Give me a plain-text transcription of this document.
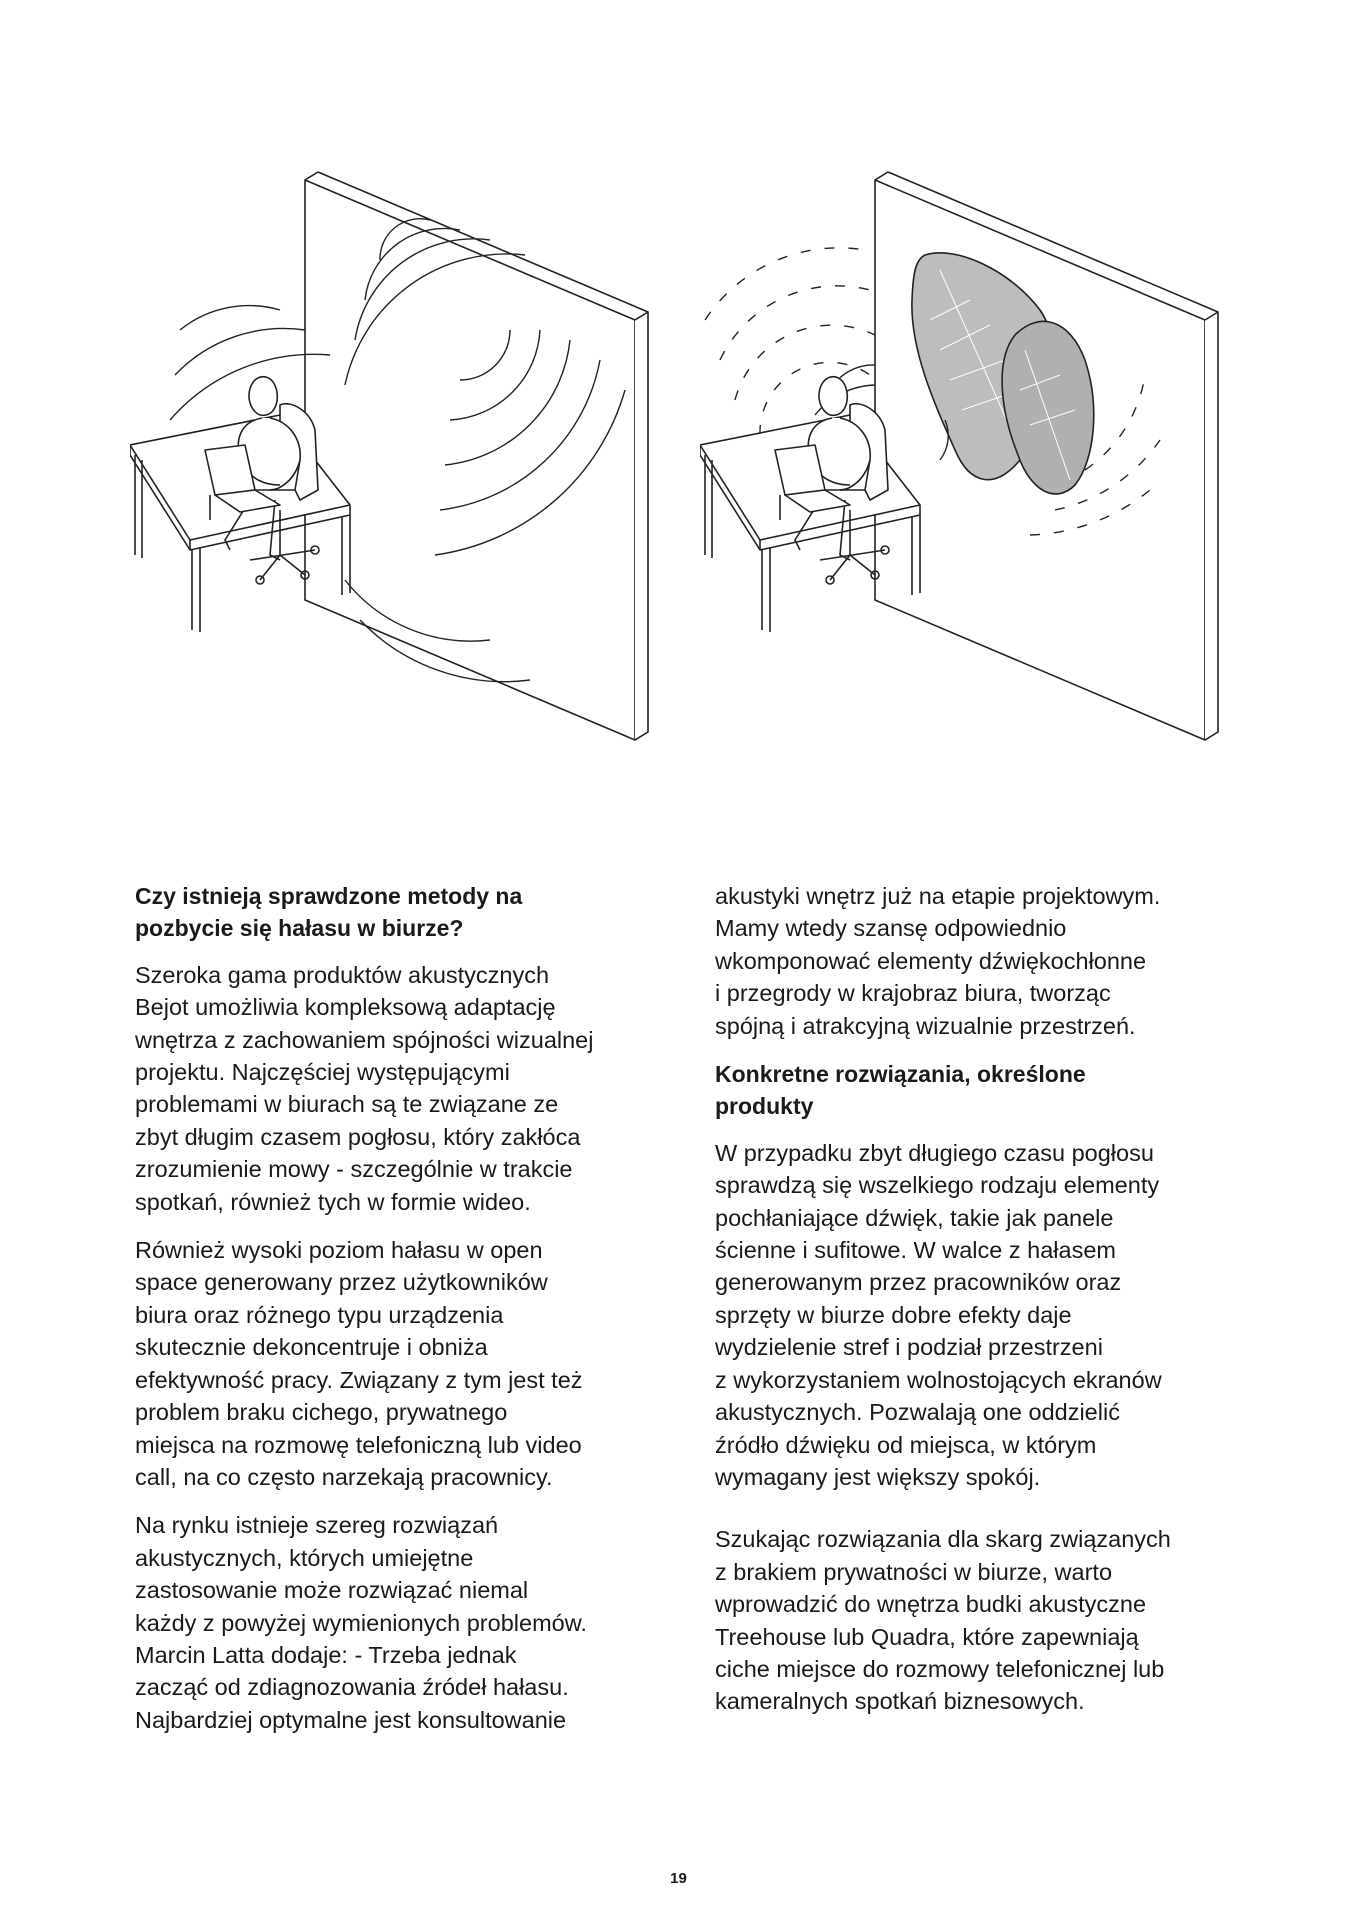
Czy istnieją sprawdzone metody na
pozbycie się hałasu w biurze?
Szeroka gama produktów akustycznych
Bejot umożliwia kompleksową adaptację
wnętrza z zachowaniem spójności wizualnej
projektu. Najczęściej występującymi
problemami w biurach są te związane ze
zbyt długim czasem pogłosu, który zakłóca
zrozumienie mowy - szczególnie w trakcie
spotkań, również tych w formie wideo.
Również wysoki poziom hałasu w open
space generowany przez użytkowników
biura oraz różnego typu urządzenia
skutecznie dekoncentruje i obniża
efektywność pracy. Związany z tym jest też
problem braku cichego, prywatnego
miejsca na rozmowę telefoniczną lub video
call, na co często narzekają pracownicy.
Na rynku istnieje szereg rozwiązań
akustycznych, których umiejętne
zastosowanie może rozwiązać niemal
każdy z powyżej wymienionych problemów.
Marcin Latta dodaje: - Trzeba jednak
zacząć od zdiagnozowania źródeł hałasu.
Najbardziej optymalne jest konsultowanie
akustyki wnętrz już na etapie projektowym.
Mamy wtedy szansę odpowiednio
wkomponować elementy dźwiękochłonne
i przegrody w krajobraz biura, tworząc
spójną i atrakcyjną wizualnie przestrzeń.
Konkretne rozwiązania, określone
produkty
W przypadku zbyt długiego czasu pogłosu
sprawdzą się wszelkiego rodzaju elementy
pochłaniające dźwięk, takie jak panele
ścienne i sufitowe. W walce z hałasem
generowanym przez pracowników oraz
sprzęty w biurze dobre efekty daje
wydzielenie stref i podział przestrzeni
z wykorzystaniem wolnostojących ekranów
akustycznych. Pozwalają one oddzielić
źródło dźwięku od miejsca, w którym
wymagany jest większy spokój.
Szukając rozwiązania dla skarg związanych
z brakiem prywatności w biurze, warto
wprowadzić do wnętrza budki akustyczne
Treehouse lub Quadra, które zapewniają
ciche miejsce do rozmowy telefonicznej lub
kameralnych spotkań biznesowych.
19
